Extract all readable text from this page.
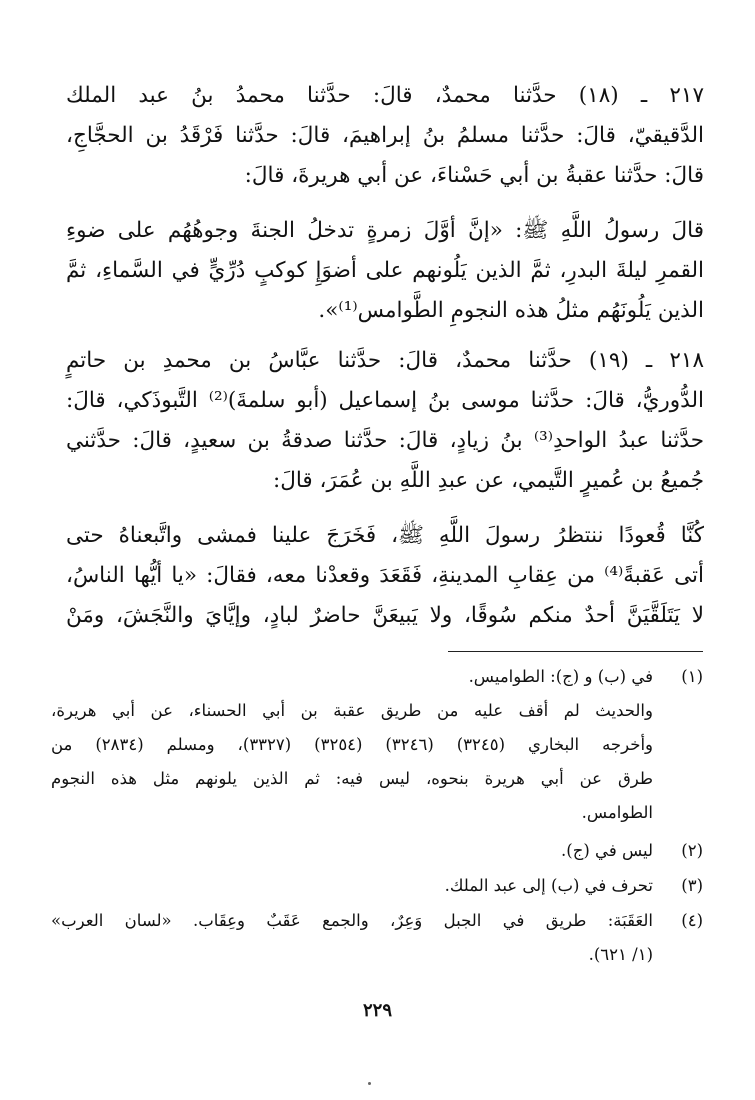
٢١٧ ـ (١٨) حدَّثنا محمدٌ، قالَ: حدَّثنا محمدُ بنُ عبد الملك
الدَّقيقيّ، قالَ: حدَّثنا مسلمُ بنُ إبراهيمَ، قالَ: حدَّثنا فَرْقَدُ بن الحجَّاجِ،
قالَ: حدَّثنا عقبةُ بن أبي حَسْناءَ، عن أبي هريرةَ، قالَ:
قالَ رسولُ اللَّهِ ﷺ: «إنَّ أوَّلَ زمرةٍ تدخلُ الجنةَ وجوهُهُم على ضوءِ
القمرِ ليلةَ البدرِ، ثمَّ الذين يَلُونهم على أضوَإِ كوكبٍ دُرِّيٍّ في السَّماءِ، ثمَّ
الذين يَلُونَهُم مثلُ هذه النجومِ الطَّوامس⁽¹⁾».
٢١٨ ـ (١٩) حدَّثنا محمدٌ، قالَ: حدَّثنا عبَّاسُ بن محمدِ بن حاتمٍ
الدُّوريُّ، قالَ: حدَّثنا موسى بنُ إسماعيل (أبو سلمةَ)⁽²⁾ التَّبوذَكي، قالَ:
حدَّثنا عبدُ الواحدِ⁽³⁾ بنُ زيادٍ، قالَ: حدَّثنا صدقةُ بن سعيدٍ، قالَ: حدَّثني
جُميعُ بن عُميرٍ التَّيمي، عن عبدِ اللَّهِ بن عُمَرَ، قالَ:
كُنَّا قُعودًا ننتظرُ رسولَ اللَّهِ ﷺ، فَخَرَجَ علينا فمشى واتَّبعناهُ حتى
أتى عَقبةً⁽⁴⁾ من عِقابِ المدينةِ، فَقَعَدَ وقعدْنا معه، فقالَ: «يا أيُّها الناسُ،
لا يَتَلَقَّيَنَّ أحدٌ منكم سُوقًا، ولا يَبيعَنَّ حاضرٌ لبادٍ، وإيَّايَ والنَّجَشَ، ومَنْ
(١)
في (ب) و (ج): الطواميس.
والحديث لم أقف عليه من طريق عقبة بن أبي الحسناء، عن أبي هريرة،
وأخرجه البخاري (٣٢٤٥) (٣٢٤٦) (٣٢٥٤) (٣٣٢٧)، ومسلم (٢٨٣٤) من
طرق عن أبي هريرة بنحوه، ليس فيه: ثم الذين يلونهم مثل هذه النجوم
الطوامس.
(٢)
ليس في (ج).
(٣)
تحرف في (ب) إلى عبد الملك.
(٤)
العَقَبَة: طريق في الجبل وَعِرٌ، والجمع عَقَبٌ وعِقَاب. «لسان العرب»
(١/ ٦٢١).
٢٢٩
